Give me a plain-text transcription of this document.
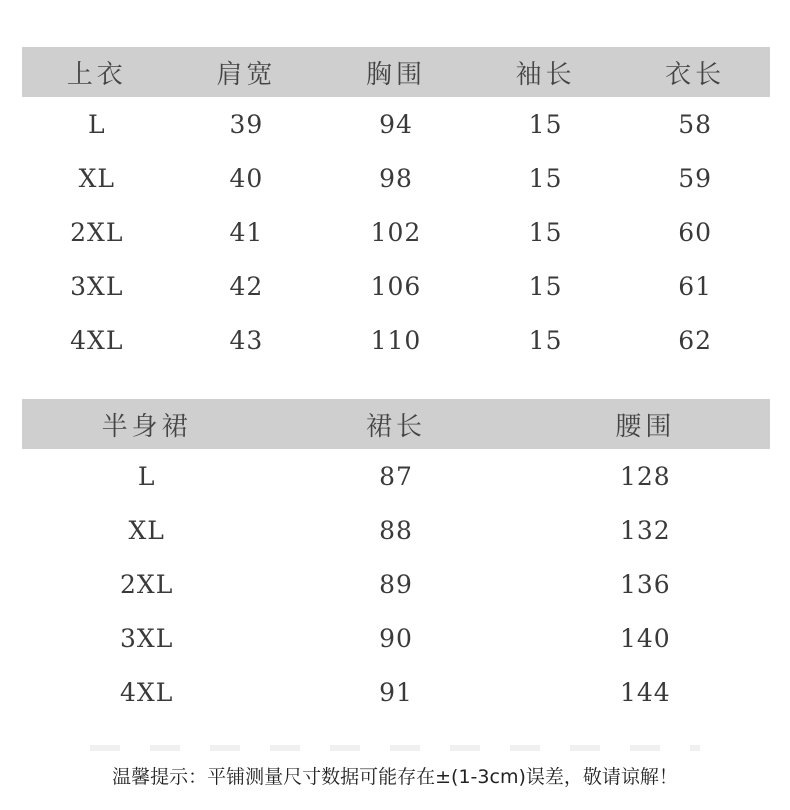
上衣	肩宽	胸围	袖长	衣长
L	39	94	15	58
XL	40	98	15	59
2XL	41	102	15	60
3XL	42	106	15	61
4XL	43	110	15	62
半身裙	裙长	腰围
L	87	128
XL	88	132
2XL	89	136
3XL	90	140
4XL	91	144
温馨提示：平铺测量尺寸数据可能存在±(1-3cm)误差，敬请谅解！
